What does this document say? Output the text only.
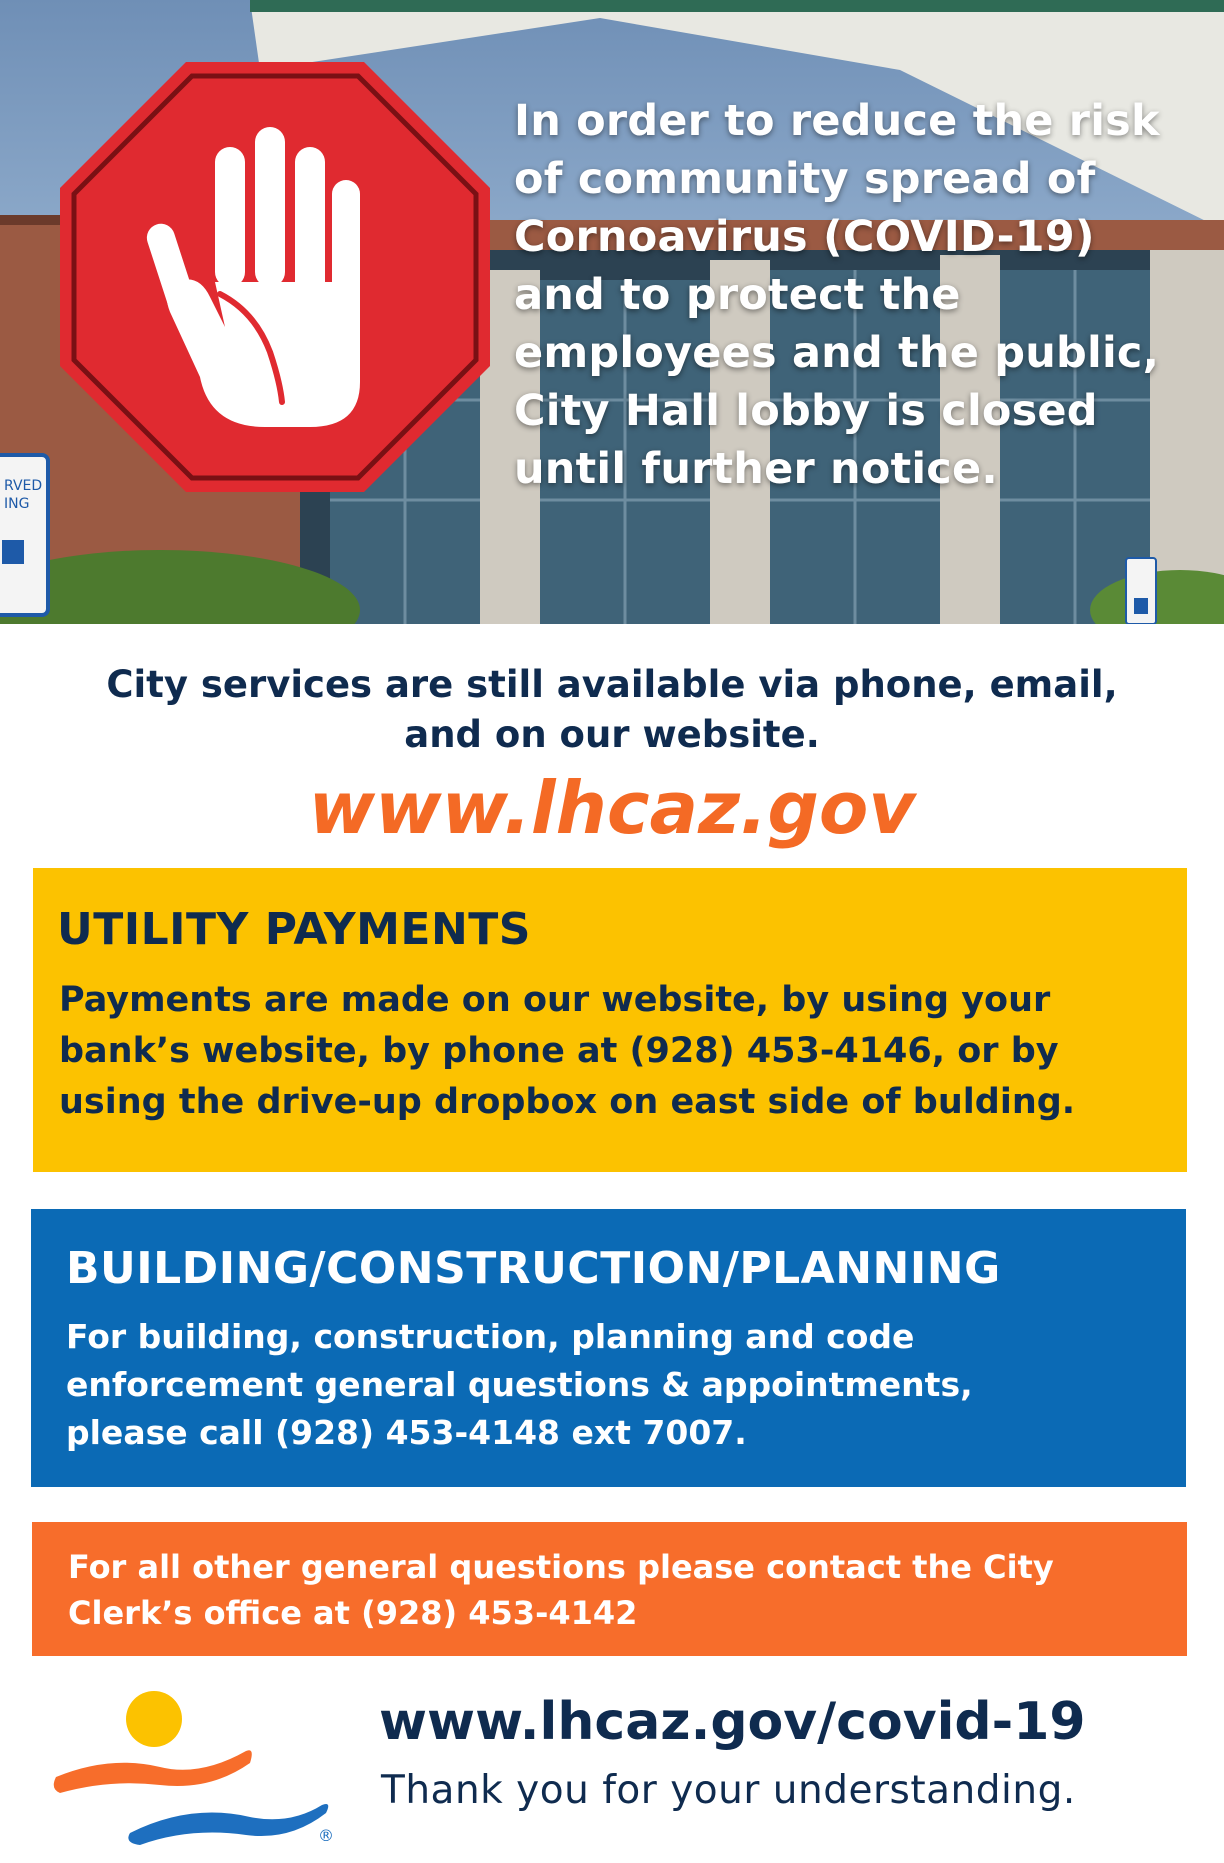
RVED
ING
In order to reduce the risk
of community spread of
Cornoavirus (COVID-19)
and to protect the
employees and the public,
City Hall lobby is closed
until further notice.
City services are still available via phone, email,
and on our website.
www.lhcaz.gov
UTILITY PAYMENTS
Payments are made on our website, by using your
bank’s website, by phone at (928) 453-4146, or by
using the drive-up dropbox on east side of bulding.
BUILDING/CONSTRUCTION/PLANNING
For building, construction, planning and code
enforcement general questions & appointments,
please call (928) 453-4148 ext 7007.
For all other general questions please contact the City
Clerk’s office at (928) 453-4142
®
www.lhcaz.gov/covid-19
Thank you for your understanding.
